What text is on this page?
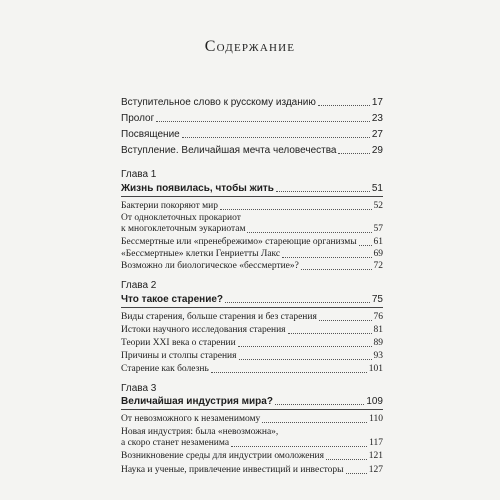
Содержание
Вступительное слово к русскому изданию	17
Пролог	23
Посвящение	27
Вступление. Величайшая мечта человечества	29
Глава 1
Жизнь появилась, чтобы жить	51
Бактерии покоряют мир	52
От одноклеточных прокариот
к многоклеточным эукариотам	57
Бессмертные или «пренебрежимо» стареющие организмы 61
«Бессмертные» клетки Генриетты Лакс	69
Возможно ли биологическое «бессмертие»?	72
Глава 2
Что такое старение?	75
Виды старения, больше старения и без старения	76
Истоки научного исследования старения	81
Теории XXI века о старении	89
Причины и столпы старения	93
Старение как болезнь	101
Глава 3
Величайшая индустрия мира?	109
От невозможного к незаменимому	110
Новая индустрия: была «невозможна»,
а скоро станет незаменима	117
Возникновение среды для индустрии омоложения	121
Наука и ученые, привлечение инвестиций и инвесторы	127
